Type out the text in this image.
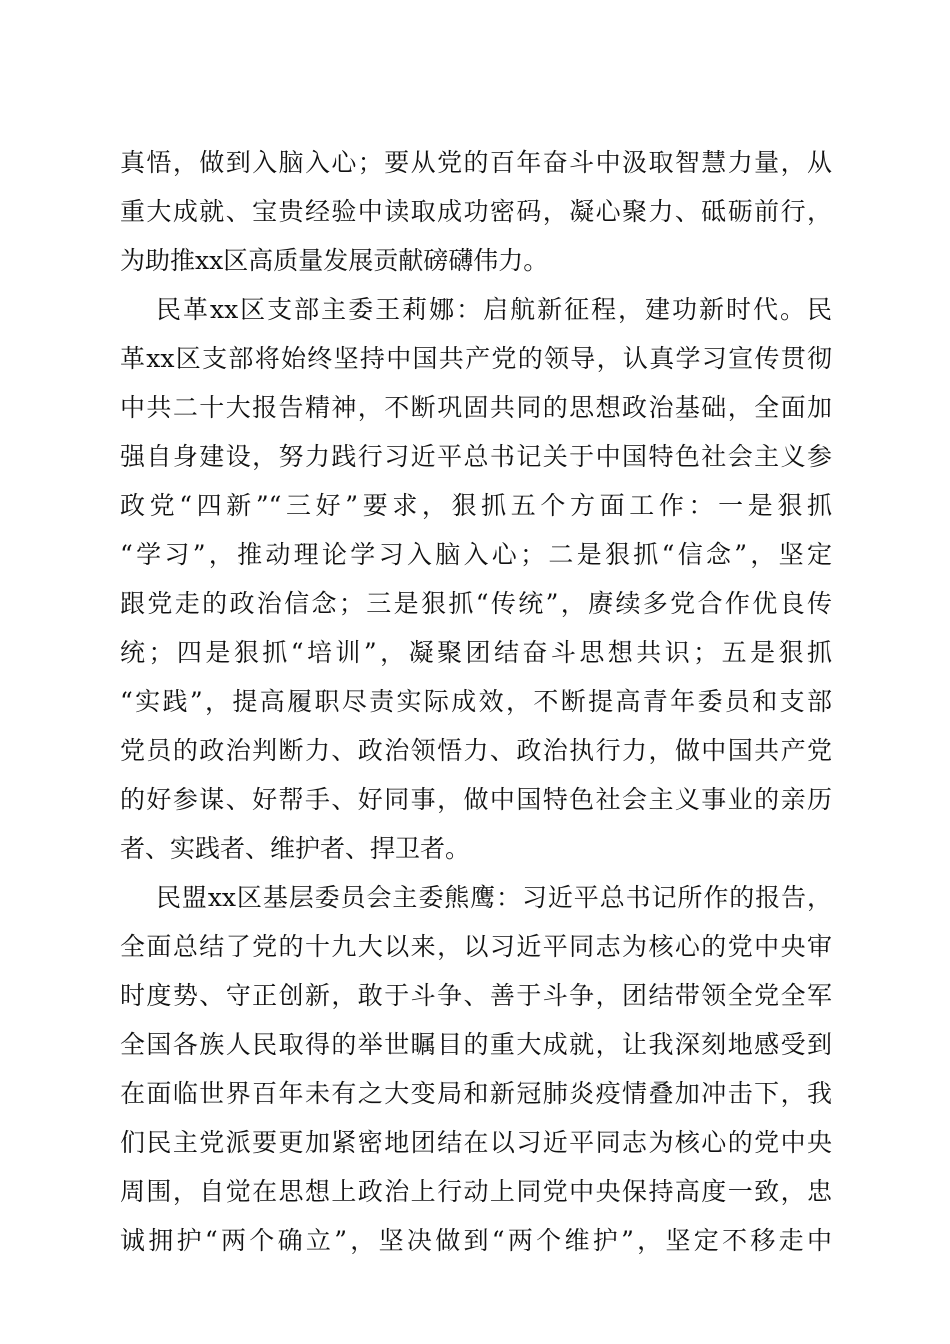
真悟，做到入脑入心；要从党的百年奋斗中汲取智慧力量，从
重大成就、宝贵经验中读取成功密码，凝心聚力、砥砺前行，
为助推xx区高质量发展贡献磅礴伟力。
民革xx区支部主委王莉娜：启航新征程，建功新时代。民
革xx区支部将始终坚持中国共产党的领导，认真学习宣传贯彻
中共二十大报告精神，不断巩固共同的思想政治基础，全面加
强自身建设，努力践行习近平总书记关于中国特色社会主义参
政党“四新”“三好”要求，狠抓五个方面工作：一是狠抓
“学习”，推动理论学习入脑入心；二是狠抓“信念”，坚定
跟党走的政治信念；三是狠抓“传统”，赓续多党合作优良传
统；四是狠抓“培训”，凝聚团结奋斗思想共识；五是狠抓
“实践”，提高履职尽责实际成效，不断提高青年委员和支部
党员的政治判断力、政治领悟力、政治执行力，做中国共产党
的好参谋、好帮手、好同事，做中国特色社会主义事业的亲历
者、实践者、维护者、捍卫者。
民盟xx区基层委员会主委熊鹰：习近平总书记所作的报告，
全面总结了党的十九大以来，以习近平同志为核心的党中央审
时度势、守正创新，敢于斗争、善于斗争，团结带领全党全军
全国各族人民取得的举世瞩目的重大成就，让我深刻地感受到
在面临世界百年未有之大变局和新冠肺炎疫情叠加冲击下，我
们民主党派要更加紧密地团结在以习近平同志为核心的党中央
周围，自觉在思想上政治上行动上同党中央保持高度一致，忠
诚拥护“两个确立”，坚决做到“两个维护”，坚定不移走中
